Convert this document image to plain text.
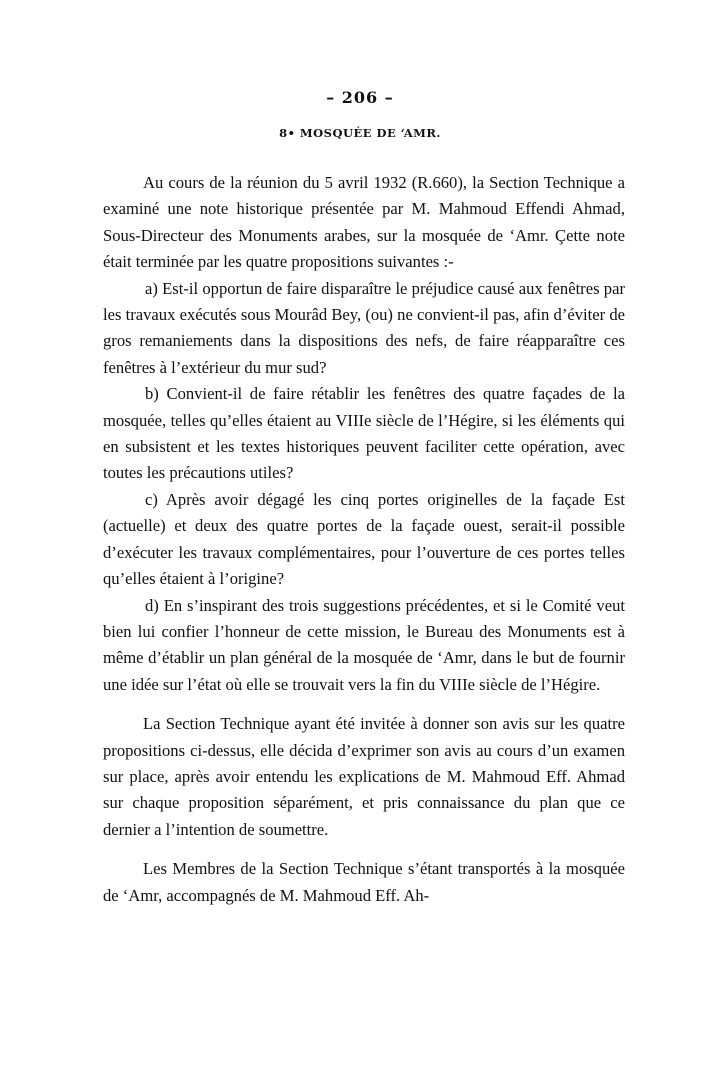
– 206 –
8• MOSQUÉE DE ‘AMR.

Au cours de la réunion du 5 avril 1932 (R.660), la Section Technique a examiné une note historique présentée par M. Mahmoud Effendi Ahmad, Sous-Directeur des Monuments arabes, sur la mosquée de ‘Amr. Çette note était terminée par les quatre propositions suivantes :-

a) Est-il opportun de faire disparaître le préjudice causé aux fenêtres par les travaux exécutés sous Mourâd Bey, (ou) ne convient-il pas, afin d’éviter de gros remaniements dans la dispositions des nefs, de faire réapparaître ces fenêtres à l’extérieur du mur sud?

b) Convient-il de faire rétablir les fenêtres des quatre façades de la mosquée, telles qu’elles étaient au VIIIe siècle de l’Hégire, si les éléments qui en subsistent et les textes historiques peuvent faciliter cette opération, avec toutes les précautions utiles?

c) Après avoir dégagé les cinq portes originelles de la façade Est (actuelle) et deux des quatre portes de la façade ouest, serait-il possible d’exécuter les travaux complémentaires, pour l’ouverture de ces portes telles qu’elles étaient à l’origine?

d) En s’inspirant des trois suggestions précédentes, et si le Comité veut bien lui confier l’honneur de cette mission, le Bureau des Monuments est à même d’établir un plan général de la mosquée de ‘Amr, dans le but de fournir une idée sur l’état où elle se trouvait vers la fin du VIIIe siècle de l’Hégire.

La Section Technique ayant été invitée à donner son avis sur les quatre propositions ci-dessus, elle décida d’exprimer son avis au cours d’un examen sur place, après avoir entendu les explications de M. Mahmoud Eff. Ahmad sur chaque proposition séparément, et pris connaissance du plan que ce dernier a l’intention de soumettre.

Les Membres de la Section Technique s’étant transportés à la mosquée de ‘Amr, accompagnés de M. Mahmoud Eff. Ah-
